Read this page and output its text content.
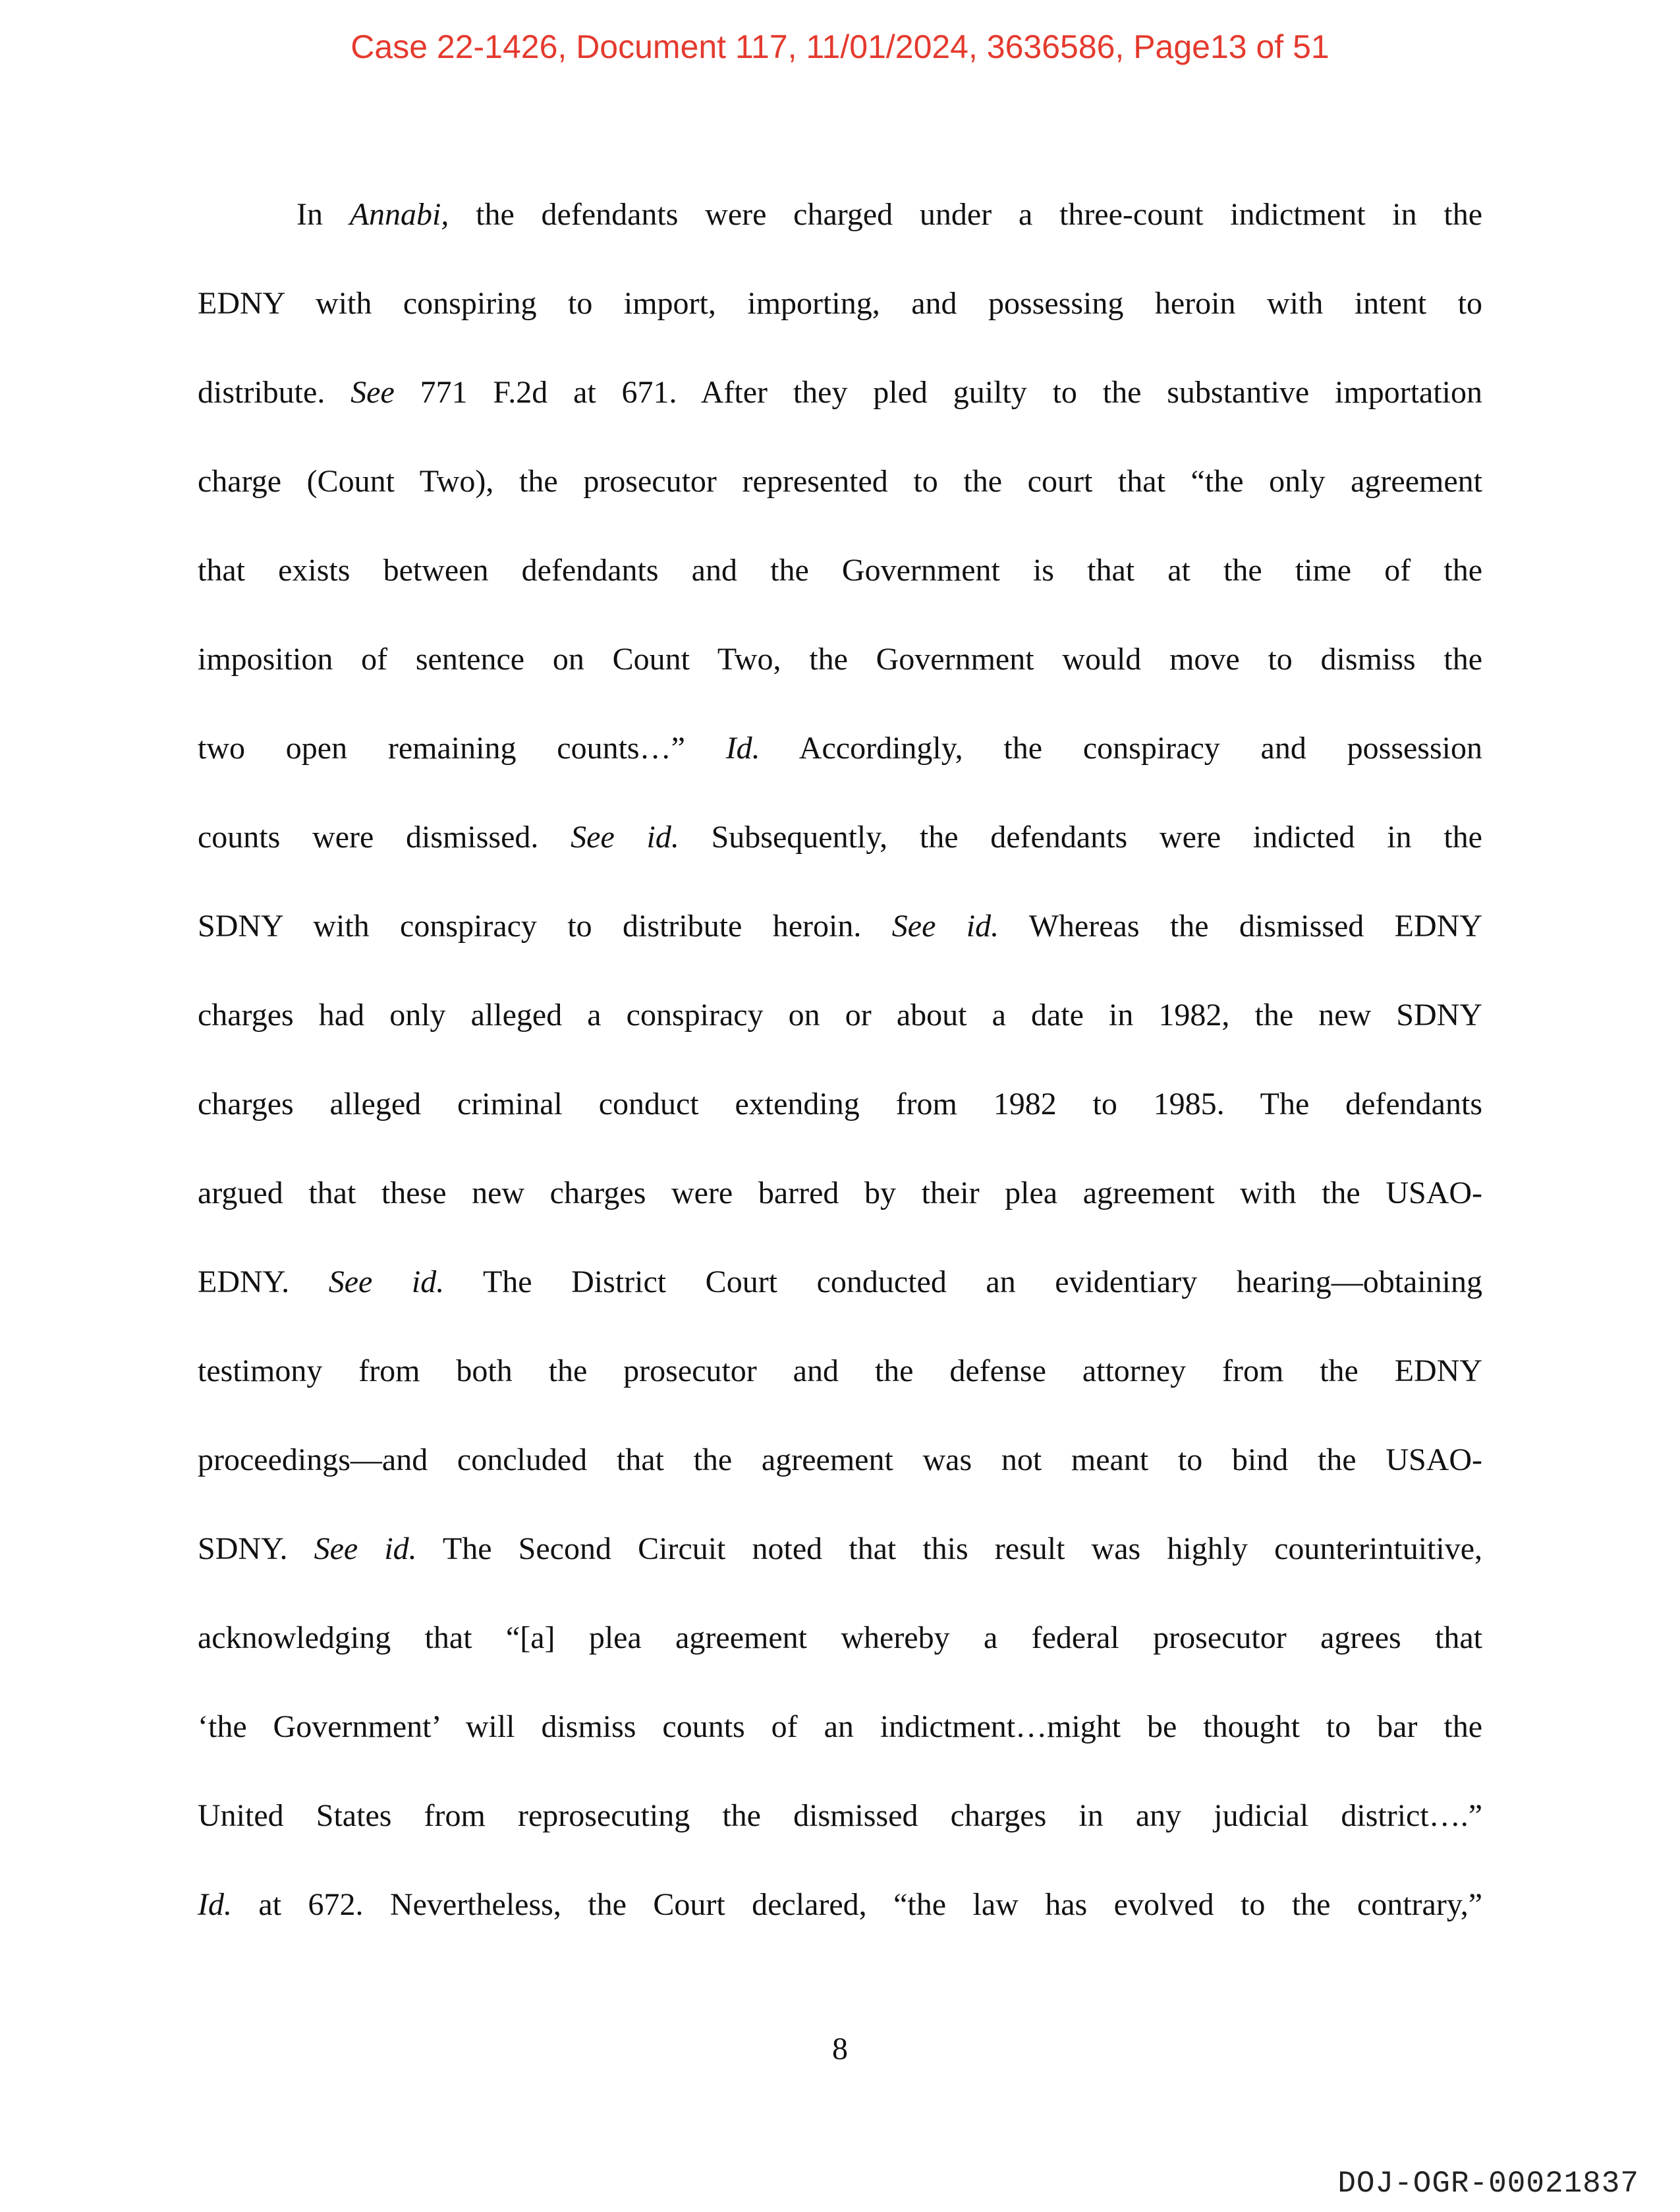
Case 22-1426, Document 117, 11/01/2024, 3636586, Page13 of 51
In Annabi, the defendants were charged under a three-count indictment in the
EDNY with conspiring to import, importing, and possessing heroin with intent to
distribute. See 771 F.2d at 671. After they pled guilty to the substantive importation
charge (Count Two), the prosecutor represented to the court that “the only agreement
that exists between defendants and the Government is that at the time of the
imposition of sentence on Count Two, the Government would move to dismiss the
two open remaining counts…” Id. Accordingly, the conspiracy and possession
counts were dismissed. See id. Subsequently, the defendants were indicted in the
SDNY with conspiracy to distribute heroin. See id. Whereas the dismissed EDNY
charges had only alleged a conspiracy on or about a date in 1982, the new SDNY
charges alleged criminal conduct extending from 1982 to 1985. The defendants
argued that these new charges were barred by their plea agreement with the USAO-
EDNY. See id. The District Court conducted an evidentiary hearing—obtaining
testimony from both the prosecutor and the defense attorney from the EDNY
proceedings—and concluded that the agreement was not meant to bind the USAO-
SDNY. See id. The Second Circuit noted that this result was highly counterintuitive,
acknowledging that “[a] plea agreement whereby a federal prosecutor agrees that
‘the Government’ will dismiss counts of an indictment…might be thought to bar the
United States from reprosecuting the dismissed charges in any judicial district….”
Id. at 672. Nevertheless, the Court declared, “the law has evolved to the contrary,”
8
DOJ-OGR-00021837
